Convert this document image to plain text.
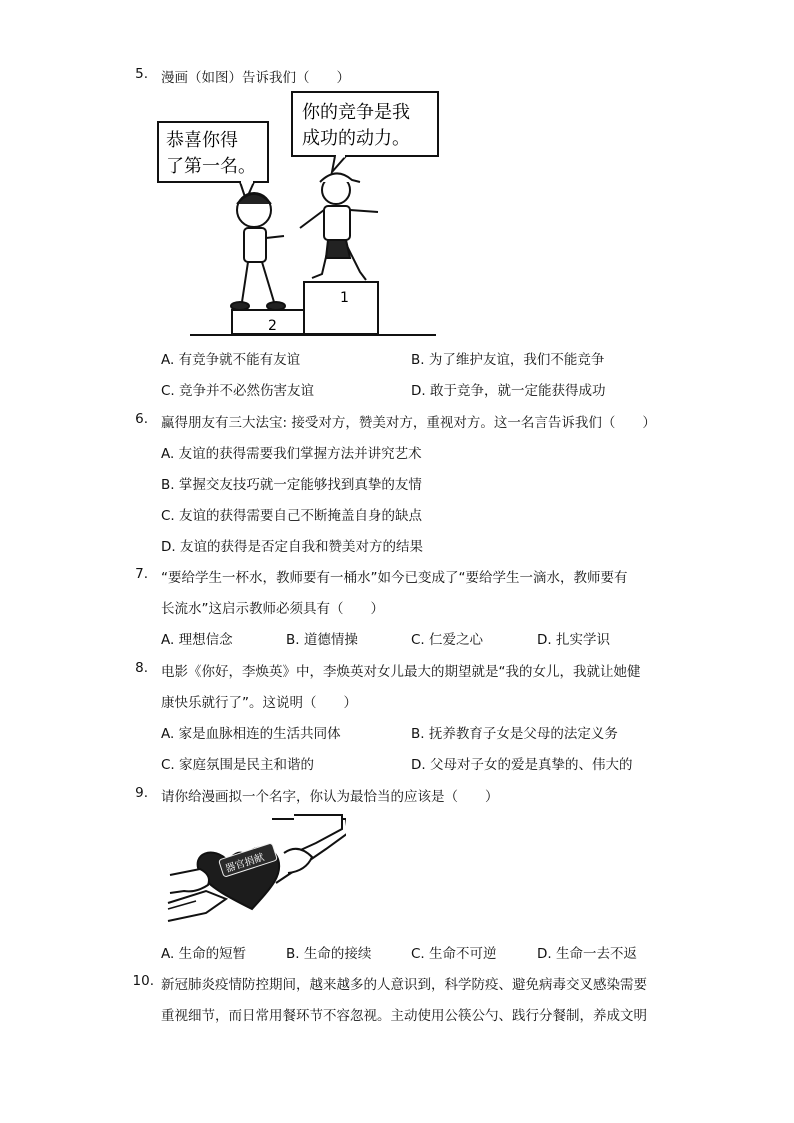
5. 漫画（如图）告诉我们（　　）
恭喜你得
了第一名。
你的竞争是我
成功的动力。
2
1
A. 有竞争就不能有友谊	B. 为了维护友谊，我们不能竞争
C. 竞争并不必然伤害友谊	D. 敢于竞争，就一定能获得成功
6. 赢得朋友有三大法宝: 接受对方，赞美对方，重视对方。这一名言告诉我们（　　）
A. 友谊的获得需要我们掌握方法并讲究艺术
B. 掌握交友技巧就一定能够找到真挚的友情
C. 友谊的获得需要自己不断掩盖自身的缺点
D. 友谊的获得是否定自我和赞美对方的结果
7. “要给学生一杯水，教师要有一桶水”如今已变成了“要给学生一滴水，教师要有
长流水”这启示教师必须具有（　　）
A. 理想信念	B. 道德情操	C. 仁爱之心	D. 扎实学识
8. 电影《你好，李焕英》中，李焕英对女儿最大的期望就是“我的女儿，我就让她健
康快乐就行了”。这说明（　　）
A. 家是血脉相连的生活共同体	B. 抚养教育子女是父母的法定义务
C. 家庭氛围是民主和谐的	D. 父母对子女的爱是真挚的、伟大的
9. 请你给漫画拟一个名字，你认为最恰当的应该是（　　）
器官捐献
A. 生命的短暂	B. 生命的接续	C. 生命不可逆	D. 生命一去不返
10. 新冠肺炎疫情防控期间，越来越多的人意识到，科学防疫、避免病毒交叉感染需要
重视细节，而日常用餐环节不容忽视。主动使用公筷公勺、践行分餐制，养成文明
